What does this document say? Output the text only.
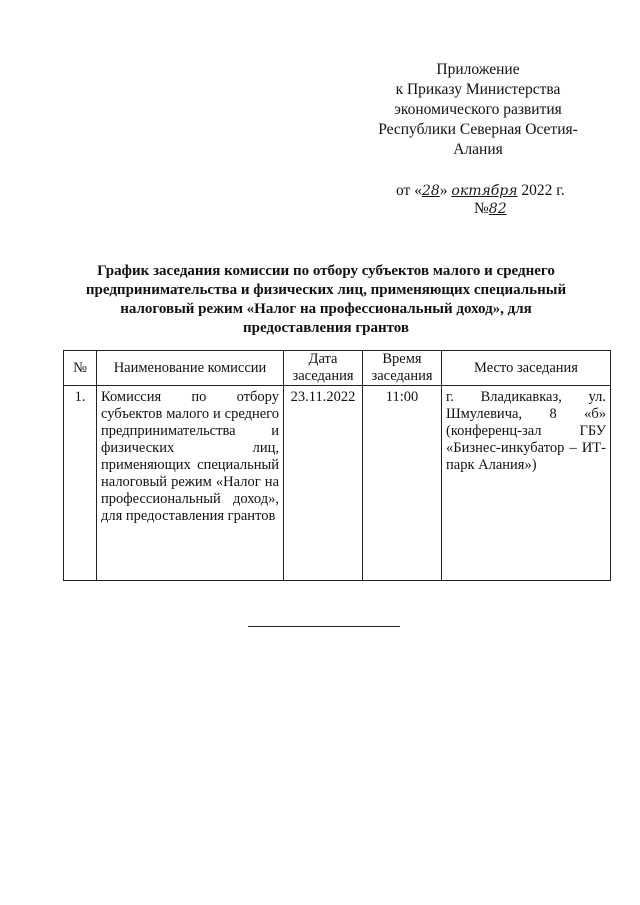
Приложение
к Приказу Министерства
экономического развития
Республики Северная Осетия-
Алания
от «28» октября 2022 г.
№82
График заседания комиссии по отбору субъектов малого и среднего предпринимательства и физических лиц, применяющих специальный налоговый режим «Налог на профессиональный доход», для предоставления грантов
№	Наименование комиссии	Дата заседания	Время заседания	Место заседания
1.	Комиссия по отбору субъектов малого и среднего предпринимательства и физических лиц, применяющих специальный налоговый режим «Налог на профессиональный доход», для предоставления грантов	23.11.2022	11:00	г. Владикавказ, ул. Шмулевича, 8 «б» (конференц-зал ГБУ «Бизнес-инкубатор – ИТ-парк Алания»)
